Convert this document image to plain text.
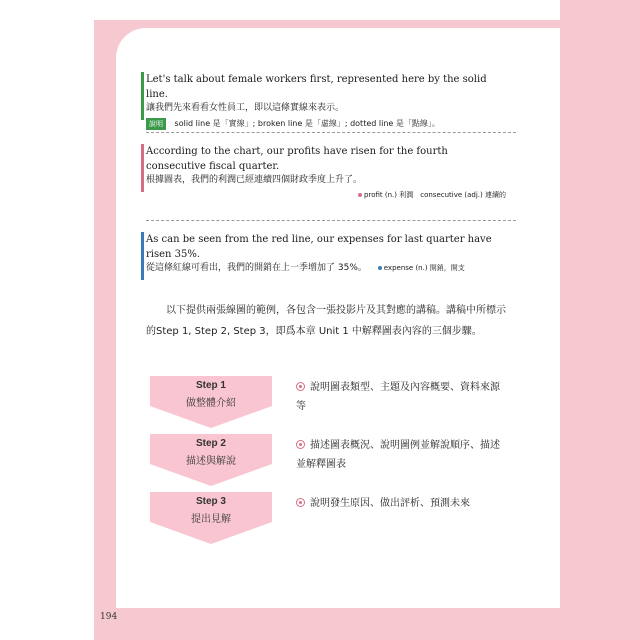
Let's talk about female workers first, represented here by the solid line.

讓我們先來看看女性員工，即以這條實線來表示。

說明 solid line 是「實線」; broken line 是「虛線」; dotted line 是「點線」。

According to the chart, our profits have risen for the fourth consecutive fiscal quarter.

根據圖表，我們的利潤已經連續四個財政季度上升了。

profit (n.) 利潤　consecutive (adj.) 連續的

As can be seen from the red line, our expenses for last quarter have risen 35%.

從這條紅線可看出，我們的開銷在上一季增加了 35%。 expense (n.) 開銷，開支
以下提供兩張線圖的範例，各包含一張投影片及其對應的講稿。講稿中所標示的Step 1, Step 2, Step 3，即爲本章 Unit 1 中解釋圖表內容的三個步驟。
Step 1
做整體介紹
說明圖表類型、主題及內容概要、資料來源等
Step 2
描述與解說
描述圖表概況、說明圖例並解說順序、描述並解釋圖表
Step 3
提出見解
說明發生原因、做出評析、預測未來
194
